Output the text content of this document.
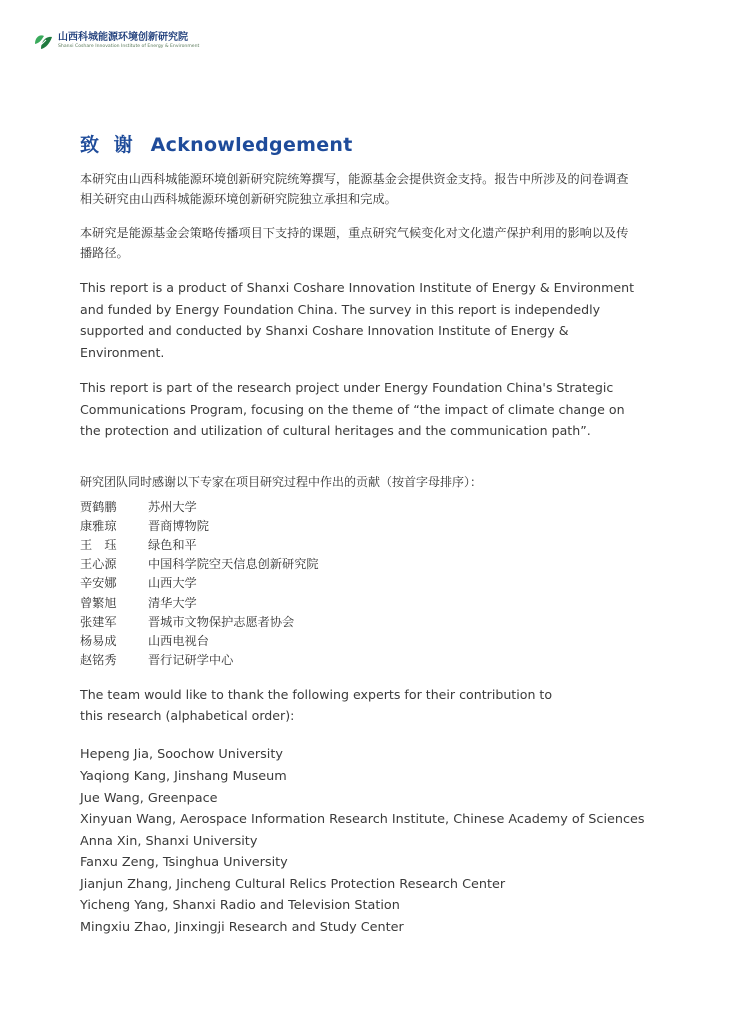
山西科城能源环境创新研究院
Shanxi Coshare Innovation Institute of Energy & Environment
致 谢 Acknowledgement

本研究由山西科城能源环境创新研究院统筹撰写，能源基金会提供资金支持。报告中所涉及的问卷调查相关研究由山西科城能源环境创新研究院独立承担和完成。

本研究是能源基金会策略传播项目下支持的课题，重点研究气候变化对文化遗产保护利用的影响以及传播路径。

This report is a product of Shanxi Coshare Innovation Institute of Energy & Environment and funded by Energy Foundation China. The survey in this report is independedly supported and conducted by Shanxi Coshare Innovation Institute of Energy & Environment.

This report is part of the research project under Energy Foundation China's Strategic Communications Program, focusing on the theme of “the impact of climate change on the protection and utilization of cultural heritages and the communication path”.

研究团队同时感谢以下专家在项目研究过程中作出的贡献（按首字母排序）：

贾鹤鹏	苏州大学
康雅琼	晋商博物院
王　珏	绿色和平
王心源	中国科学院空天信息创新研究院
辛安娜	山西大学
曾繁旭	清华大学
张建军	晋城市文物保护志愿者协会
杨易成	山西电视台
赵铭秀	晋行记研学中心

The team would like to thank the following experts for their contribution to this research (alphabetical order):

Hepeng Jia, Soochow University
Yaqiong Kang, Jinshang Museum
Jue Wang, Greenpace
Xinyuan Wang, Aerospace Information Research Institute, Chinese Academy of Sciences
Anna Xin, Shanxi University
Fanxu Zeng, Tsinghua University
Jianjun Zhang, Jincheng Cultural Relics Protection Research Center
Yicheng Yang, Shanxi Radio and Television Station
Mingxiu Zhao, Jinxingji Research and Study Center
